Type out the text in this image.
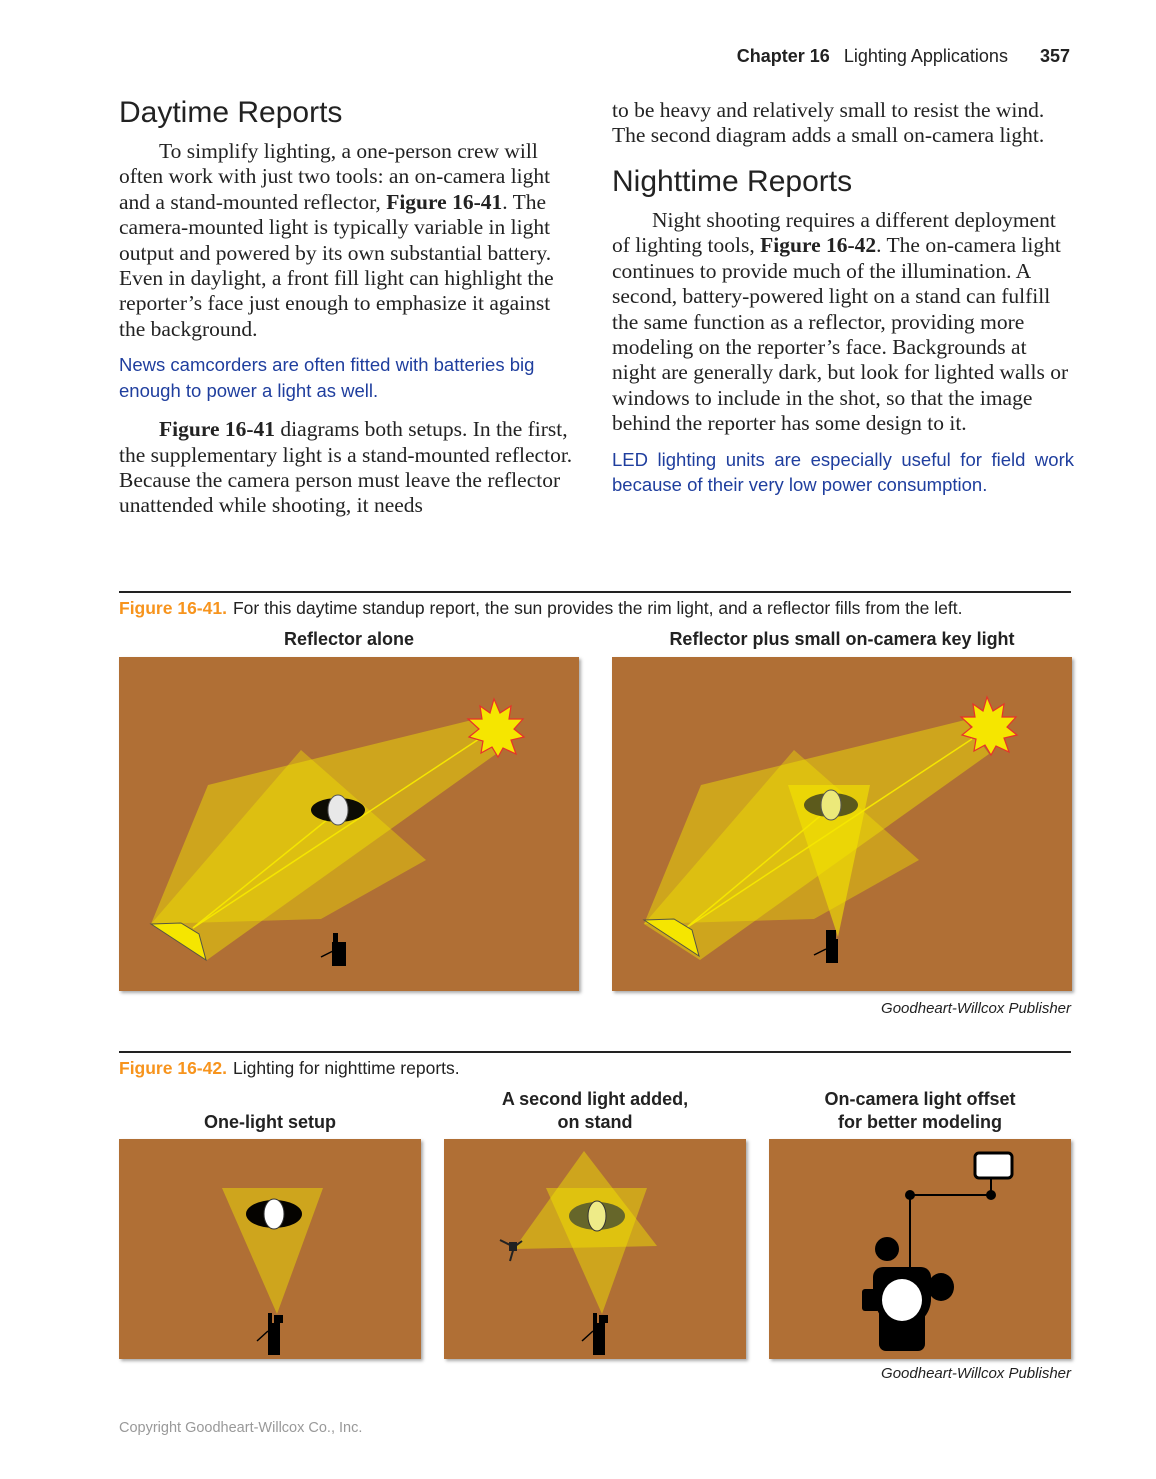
Chapter 16 Lighting Applications 357
Daytime Reports

To simplify lighting, a one-person crew will often work with just two tools: an on-camera light and a stand-mounted reflector, Figure 16-41. The camera-mounted light is typically variable in light output and powered by its own substantial battery. Even in daylight, a front fill light can highlight the reporter’s face just enough to emphasize it against the background.

News camcorders are often fitted with batteries big enough to power a light as well.

Figure 16-41 diagrams both setups. In the first, the supplementary light is a stand-mounted reflector. Because the camera person must leave the reflector unattended while shooting, it needs

to be heavy and relatively small to resist the wind. The second diagram adds a small on-camera light.

Nighttime Reports

Night shooting requires a different deployment of lighting tools, Figure 16-42. The on-camera light continues to provide much of the illumination. A second, battery-powered light on a stand can fulfill the same function as a reflector, providing more modeling on the reporter’s face. Backgrounds at night are generally dark, but look for lighted walls or windows to include in the shot, so that the image behind the reporter has some design to it.

LED lighting units are especially useful for field work because of their very low power consumption.

Figure 16-41. For this daytime standup report, the sun provides the rim light, and a reflector fills from the left.
Reflector alone	Reflector plus small on-camera key light
Goodheart-Willcox Publisher
Figure 16-42. Lighting for nighttime reports.
One-light setup
A second light added,
on stand
On-camera light offset
for better modeling
Goodheart-Willcox Publisher
Copyright Goodheart-Willcox Co., Inc.
